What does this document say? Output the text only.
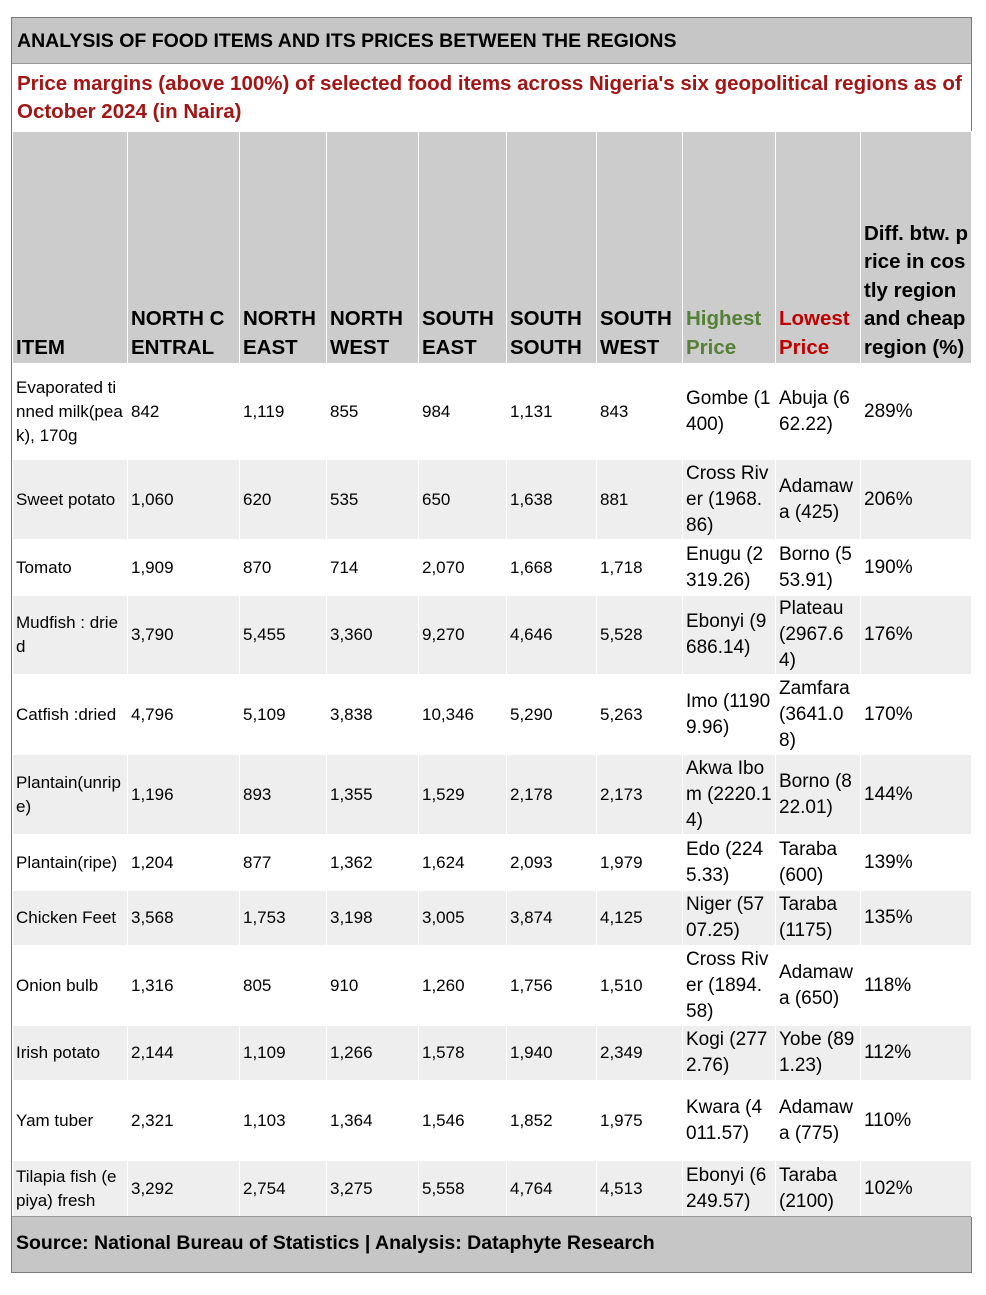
ANALYSIS OF FOOD ITEMS AND ITS PRICES BETWEEN THE REGIONS
Price margins (above 100%) of selected food items across Nigeria's six geopolitical regions as of October 2024 (in Naira)
ITEM	NORTH CENTRAL	NORTH EAST	NORTH WEST	SOUTH EAST	SOUTH SOUTH	SOUTH WEST	Highest Price	Lowest Price	Diff. btw. price in costly region and cheap region (%)
Evaporated tinned milk(peak), 170g	842	1,119	855	984	1,131	843	Gombe (1400)	Abuja (662.22)	289%
Sweet potato	1,060	620	535	650	1,638	881	Cross River (1968.86)	Adamawa (425)	206%
Tomato	1,909	870	714	2,070	1,668	1,718	Enugu (2319.26)	Borno (553.91)	190%
Mudfish : dried	3,790	5,455	3,360	9,270	4,646	5,528	Ebonyi (9686.14)	Plateau (2967.64)	176%
Catfish :dried	4,796	5,109	3,838	10,346	5,290	5,263	Imo (11909.96)	Zamfara (3641.08)	170%
Plantain(unripe)	1,196	893	1,355	1,529	2,178	2,173	Akwa Ibom (2220.14)	Borno (822.01)	144%
Plantain(ripe)	1,204	877	1,362	1,624	2,093	1,979	Edo (2245.33)	Taraba (600)	139%
Chicken Feet	3,568	1,753	3,198	3,005	3,874	4,125	Niger (5707.25)	Taraba (1175)	135%
Onion bulb	1,316	805	910	1,260	1,756	1,510	Cross River (1894.58)	Adamawa (650)	118%
Irish potato	2,144	1,109	1,266	1,578	1,940	2,349	Kogi (2772.76)	Yobe (891.23)	112%
Yam tuber	2,321	1,103	1,364	1,546	1,852	1,975	Kwara (4011.57)	Adamawa (775)	110%
Tilapia fish (epiya) fresh	3,292	2,754	3,275	5,558	4,764	4,513	Ebonyi (6249.57)	Taraba (2100)	102%
Source: National Bureau of Statistics | Analysis: Dataphyte Research
